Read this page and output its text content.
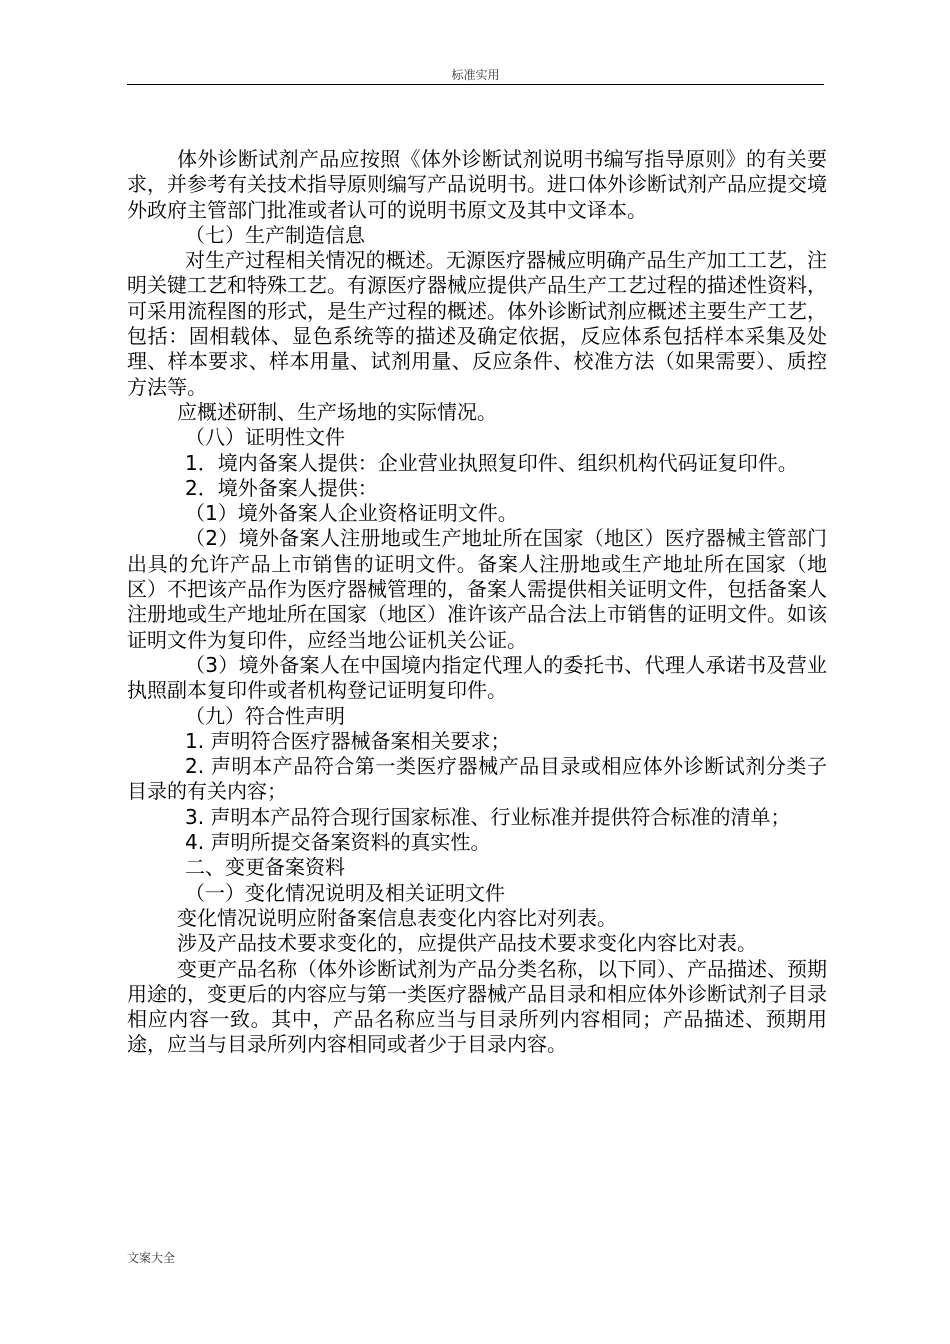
标准实用

体外诊断试剂产品应按照《体外诊断试剂说明书编写指导原则》的有关要求，并参考有关技术指导原则编写产品说明书。进口体外诊断试剂产品应提交境外政府主管部门批准或者认可的说明书原文及其中文译本。

（七）生产制造信息

对生产过程相关情况的概述。无源医疗器械应明确产品生产加工工艺，注明关键工艺和特殊工艺。有源医疗器械应提供产品生产工艺过程的描述性资料，可采用流程图的形式，是生产过程的概述。体外诊断试剂应概述主要生产工艺，包括：固相载体、显色系统等的描述及确定依据，反应体系包括样本采集及处理、样本要求、样本用量、试剂用量、反应条件、校准方法（如果需要）、质控方法等。

应概述研制、生产场地的实际情况。

（八）证明性文件

1．境内备案人提供：企业营业执照复印件、组织机构代码证复印件。

2．境外备案人提供：

（1）境外备案人企业资格证明文件。

（2）境外备案人注册地或生产地址所在国家（地区）医疗器械主管部门出具的允许产品上市销售的证明文件。备案人注册地或生产地址所在国家（地区）不把该产品作为医疗器械管理的，备案人需提供相关证明文件，包括备案人注册地或生产地址所在国家（地区）准许该产品合法上市销售的证明文件。如该证明文件为复印件，应经当地公证机关公证。

（3）境外备案人在中国境内指定代理人的委托书、代理人承诺书及营业执照副本复印件或者机构登记证明复印件。

（九）符合性声明

1. 声明符合医疗器械备案相关要求；

2. 声明本产品符合第一类医疗器械产品目录或相应体外诊断试剂分类子目录的有关内容；

3. 声明本产品符合现行国家标准、行业标准并提供符合标准的清单；

4. 声明所提交备案资料的真实性。

二、变更备案资料

（一）变化情况说明及相关证明文件

变化情况说明应附备案信息表变化内容比对列表。

涉及产品技术要求变化的，应提供产品技术要求变化内容比对表。

变更产品名称（体外诊断试剂为产品分类名称，以下同）、产品描述、预期用途的，变更后的内容应与第一类医疗器械产品目录和相应体外诊断试剂子目录相应内容一致。其中，产品名称应当与目录所列内容相同；产品描述、预期用途，应当与目录所列内容相同或者少于目录内容。

文案大全
